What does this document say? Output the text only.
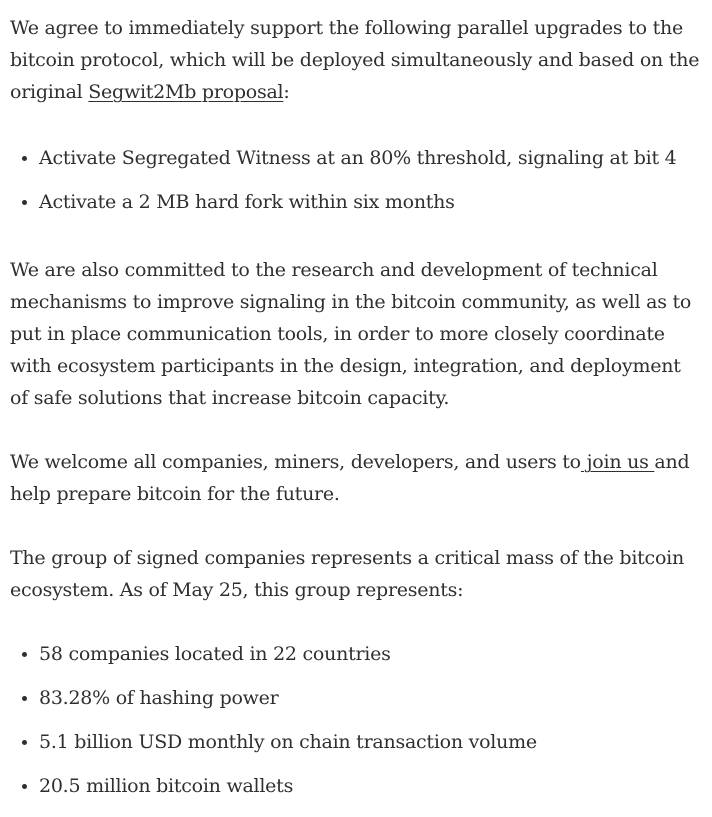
We agree to immediately support the following parallel upgrades to the bitcoin protocol, which will be deployed simultaneously and based on the original Segwit2Mb proposal:

• Activate Segregated Witness at an 80% threshold, signaling at bit 4
• Activate a 2 MB hard fork within six months

We are also committed to the research and development of technical mechanisms to improve signaling in the bitcoin community, as well as to put in place communication tools, in order to more closely coordinate with ecosystem participants in the design, integration, and deployment of safe solutions that increase bitcoin capacity.

We welcome all companies, miners, developers, and users to join us and help prepare bitcoin for the future.

The group of signed companies represents a critical mass of the bitcoin ecosystem. As of May 25, this group represents:

• 58 companies located in 22 countries
• 83.28% of hashing power
• 5.1 billion USD monthly on chain transaction volume
• 20.5 million bitcoin wallets
